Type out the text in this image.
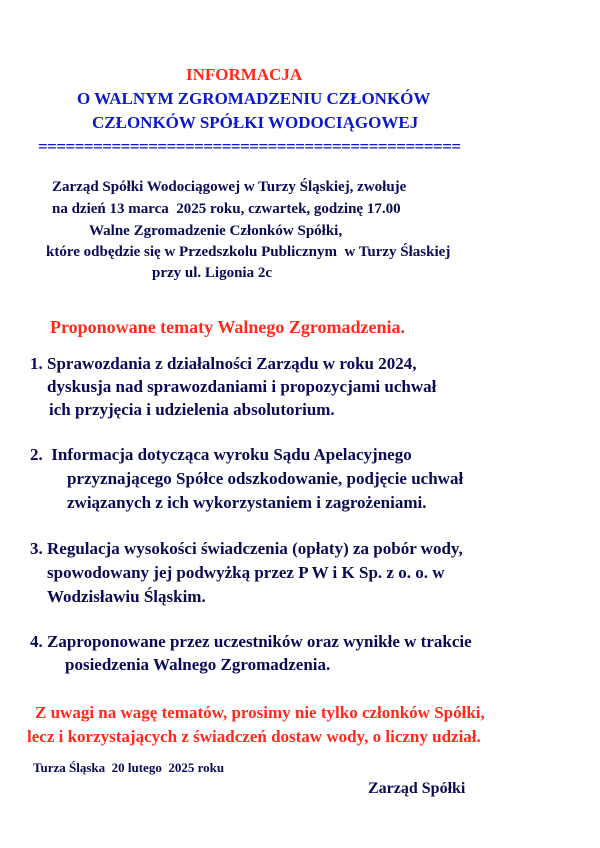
INFORMACJA
O WALNYM ZGROMADZENIU CZŁONKÓW
CZŁONKÓW SPÓŁKI WODOCIĄGOWEJ
==============================================
Zarząd Spółki Wodociągowej w Turzy Śląskiej, zwołuje
na dzień 13 marca  2025 roku, czwartek, godzinę 17.00
Walne Zgromadzenie Członków Spółki,
które odbędzie się w Przedszkolu Publicznym  w Turzy Śłaskiej
przy ul. Ligonia 2c
Proponowane tematy Walnego Zgromadzenia.
1. Sprawozdania z działalności Zarządu w roku 2024,
dyskusja nad sprawozdaniami i propozycjami uchwał
ich przyjęcia i udzielenia absolutorium.
2.  Informacja dotycząca wyroku Sądu Apelacyjnego
przyznającego Spółce odszkodowanie, podjęcie uchwał
związanych z ich wykorzystaniem i zagrożeniami.
3. Regulacja wysokości świadczenia (opłaty) za pobór wody,
spowodowany jej podwyżką przez P W i K Sp. z o. o. w
Wodzisławiu Śląskim.
4. Zaproponowane przez uczestników oraz wynikłe w trakcie
posiedzenia Walnego Zgromadzenia.
Z uwagi na wagę tematów, prosimy nie tylko członków Spółki,
lecz i korzystających z świadczeń dostaw wody, o liczny udział.
Turza Śląska  20 lutego  2025 roku
Zarząd Spółki
